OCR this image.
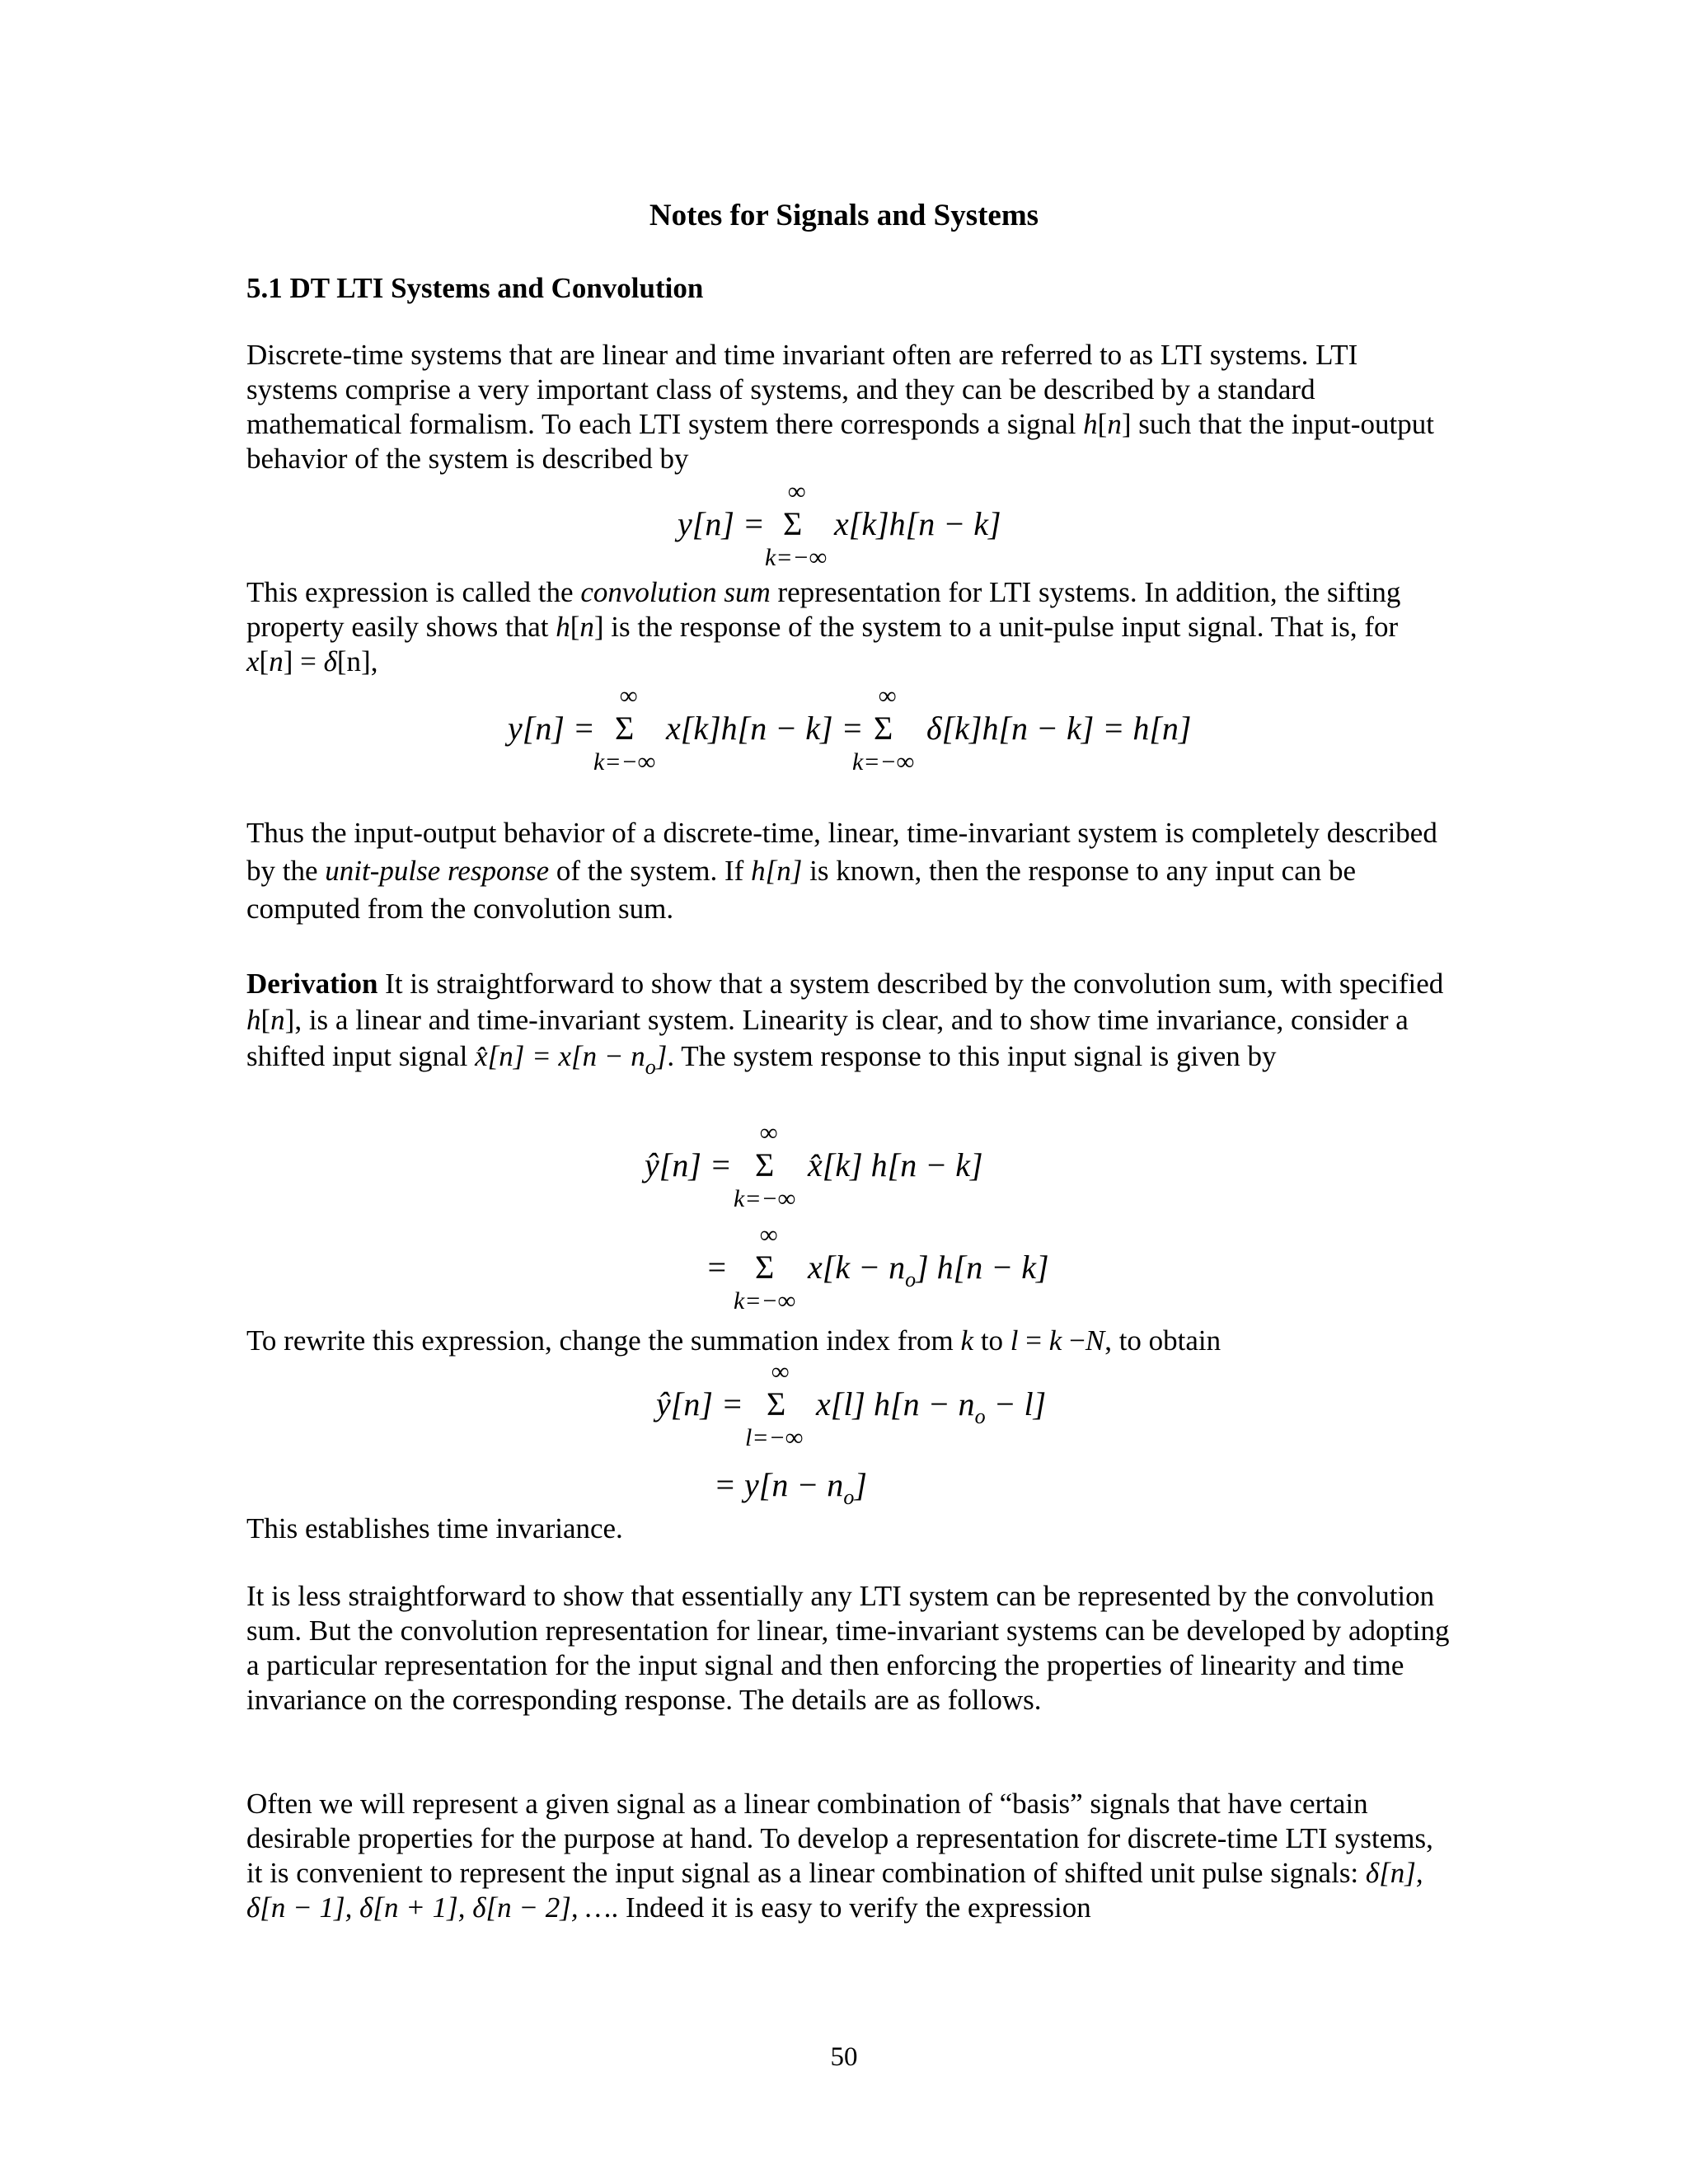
Notes for Signals and Systems
5.1 DT LTI Systems and Convolution

Discrete-time systems that are linear and time invariant often are referred to as LTI systems. LTI systems comprise a very important class of systems, and they can be described by a standard mathematical formalism. To each LTI system there corresponds a signal h[n] such that the input-output behavior of the system is described by

y[n] =
∞
Σ
k=−∞
x[k]h[n − k]

This expression is called the convolution sum representation for LTI systems. In addition, the sifting property easily shows that h[n] is the response of the system to a unit-pulse input signal. That is, for x[n] = δ[n],

y[n] =
∞
Σ
k=−∞
x[k]h[n − k] =
∞
Σ
k=−∞
δ[k]h[n − k] = h[n]

Thus the input-output behavior of a discrete-time, linear, time-invariant system is completely described by the unit-pulse response of the system. If h[n] is known, then the response to any input can be computed from the convolution sum.

Derivation It is straightforward to show that a system described by the convolution sum, with specified h[n], is a linear and time-invariant system. Linearity is clear, and to show time invariance, consider a shifted input signal x̂[n] = $x[n - n_o]$. The system response to this input signal is given by

ŷ[n] =
∞
Σ
k=−∞
x̂[k] h[n − k]
=
∞
Σ
k=−∞
$x[k - n_o]$ h[n − k]

To rewrite this expression, change the summation index from k to l = k −N, to obtain

ŷ[n] =
∞
Σ
l=−∞
x[l] $h[n - n_o - l]$
= $y[n - n_o]$

This establishes time invariance.

It is less straightforward to show that essentially any LTI system can be represented by the convolution sum. But the convolution representation for linear, time-invariant systems can be developed by adopting a particular representation for the input signal and then enforcing the properties of linearity and time invariance on the corresponding response. The details are as follows.

Often we will represent a given signal as a linear combination of “basis” signals that have certain desirable properties for the purpose at hand. To develop a representation for discrete-time LTI systems, it is convenient to represent the input signal as a linear combination of shifted unit pulse signals: δ[n], δ[n − 1], δ[n + 1], δ[n − 2], …. Indeed it is easy to verify the expression

50
